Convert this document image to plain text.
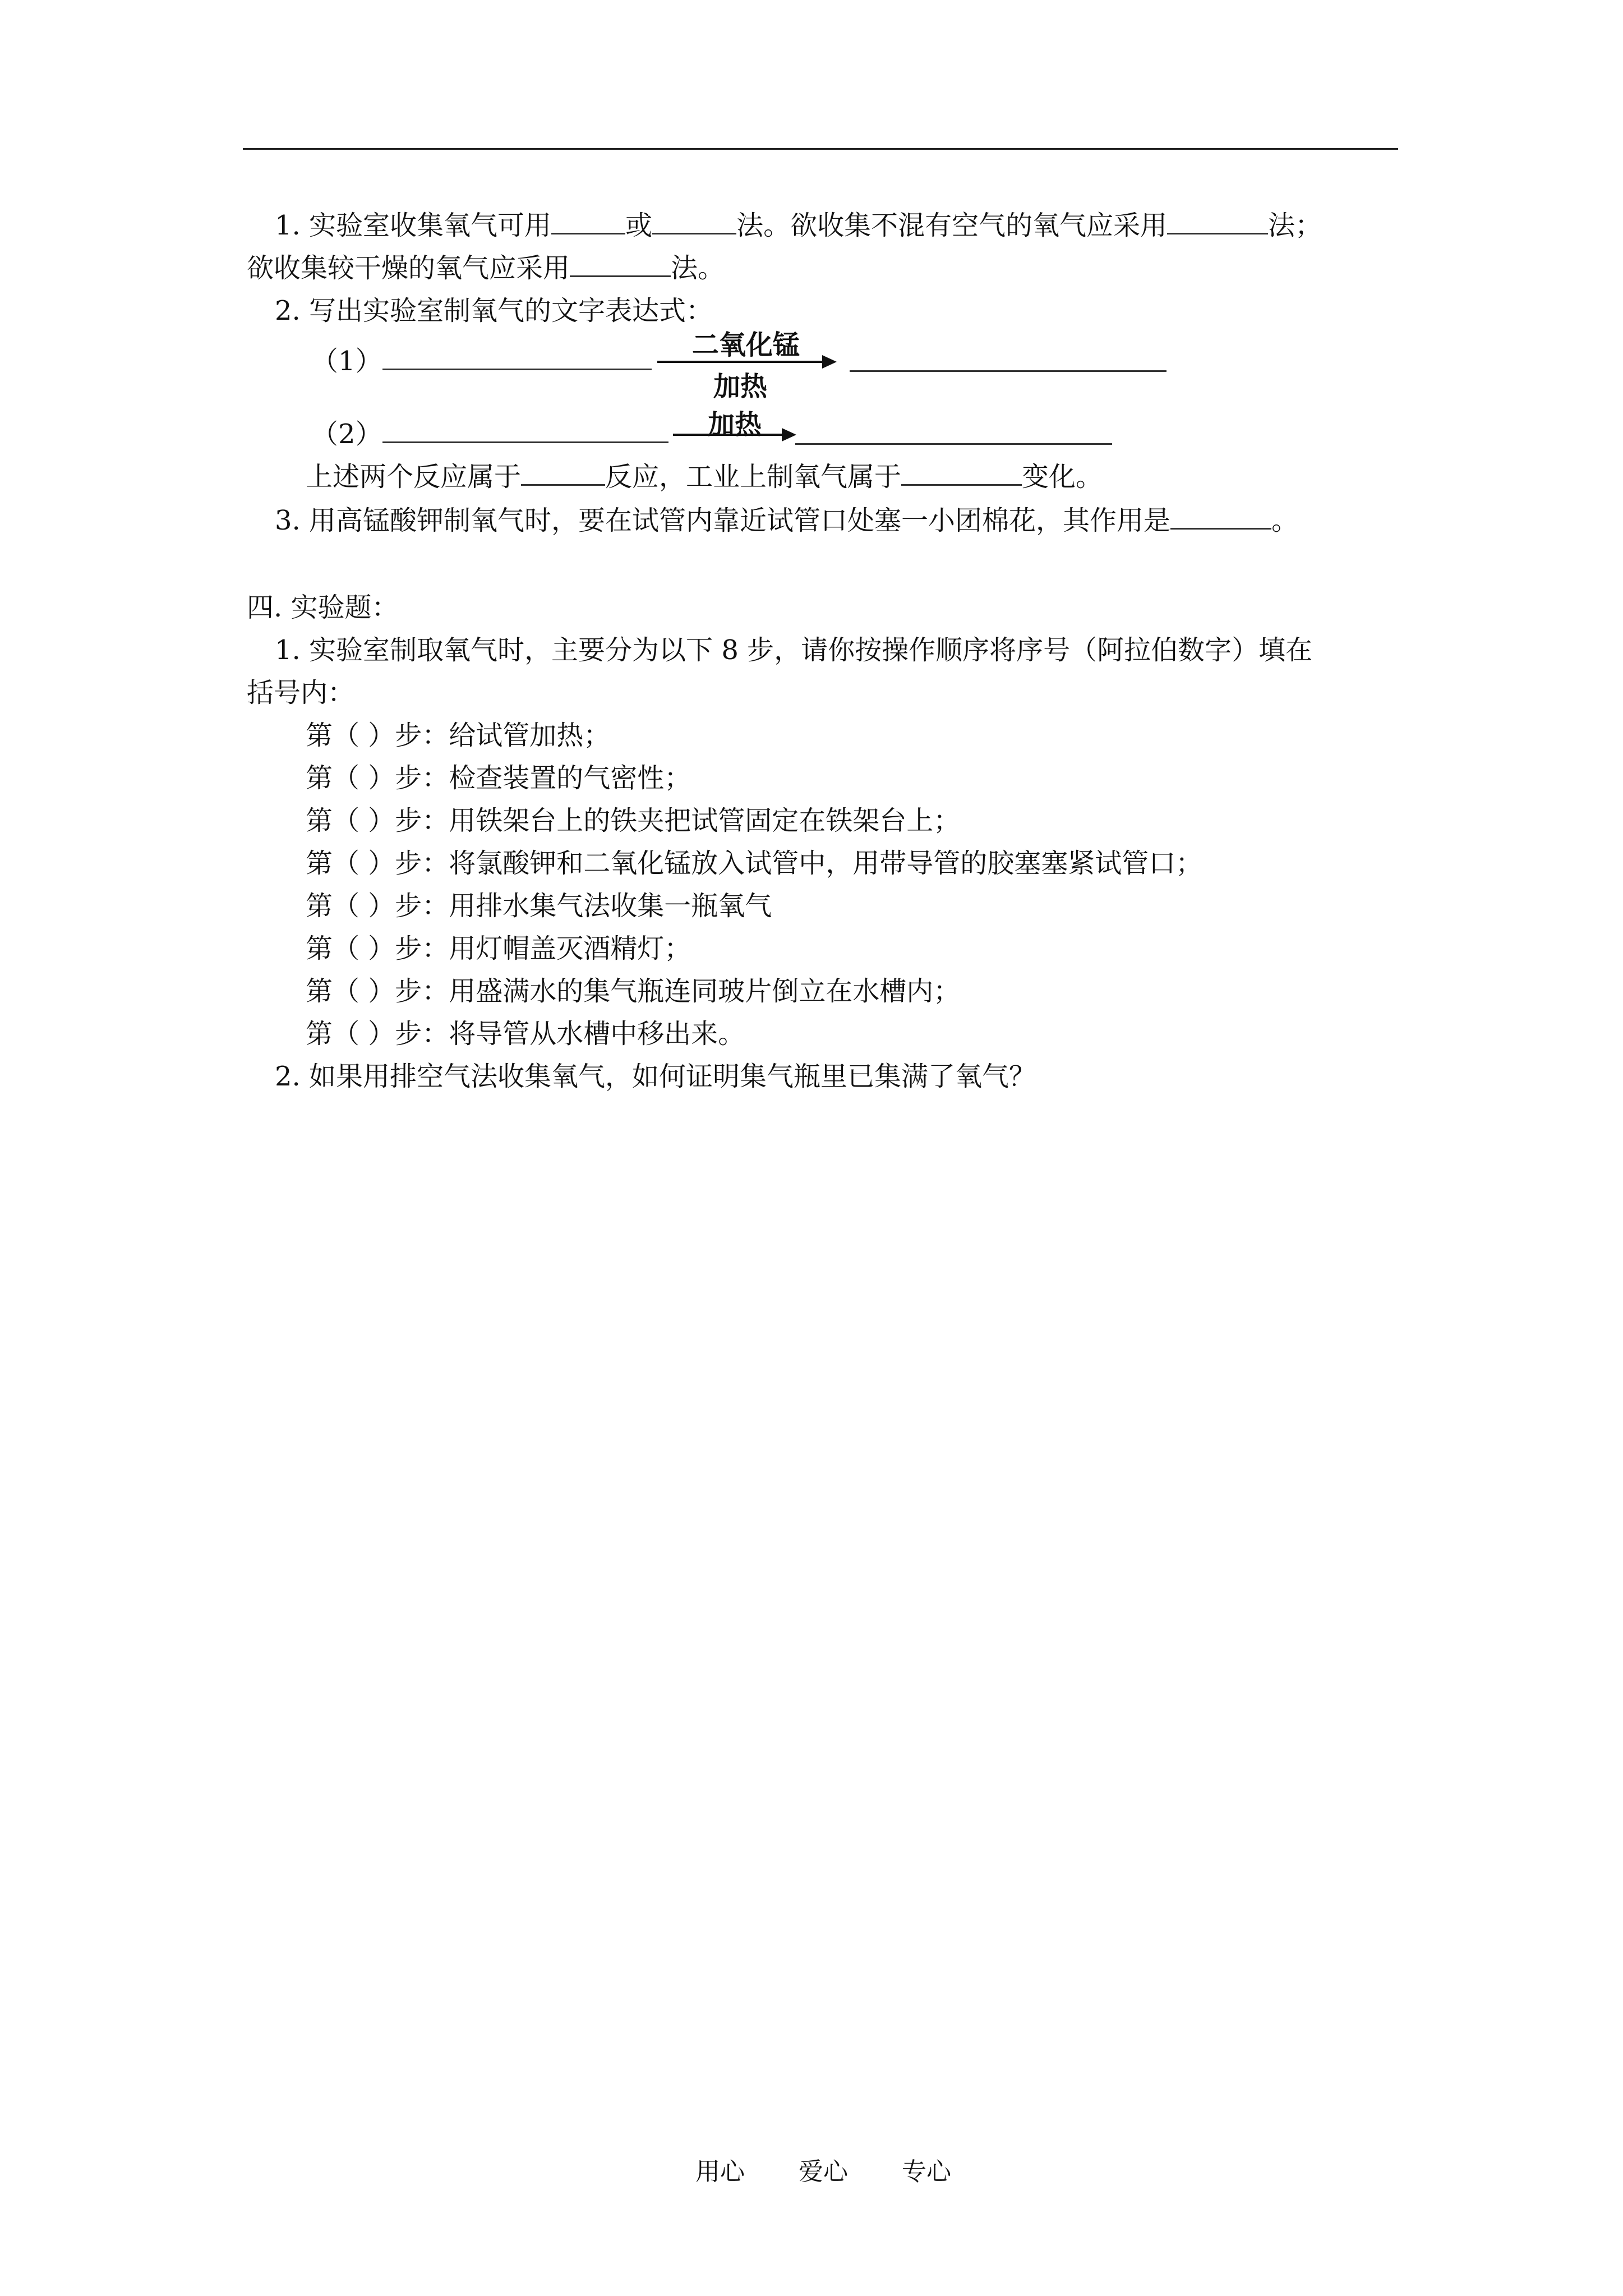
1. 实验室收集氧气可用	或	法。欲收集不混有空气的氧气应采用	法；
欲收集较干燥的氧气应采用	法。
2. 写出实验室制氧气的文字表达式：
（1）
二氧化锰
加热
（2）	加热
上述两个反应属于	反应，工业上制氧气属于	变化。
3. 用高锰酸钾制氧气时，要在试管内靠近试管口处塞一小团棉花，其作用是	。
四. 实验题：
1. 实验室制取氧气时，主要分为以下 8 步，请你按操作顺序将序号（阿拉伯数字）填在
括号内：
第（ ）步：给试管加热；
第（ ）步：检查装置的气密性；
第（ ）步：用铁架台上的铁夹把试管固定在铁架台上；
第（ ）步：将氯酸钾和二氧化锰放入试管中，用带导管的胶塞塞紧试管口；
第（ ）步：用排水集气法收集一瓶氧气
第（ ）步：用灯帽盖灭酒精灯；
第（ ）步：用盛满水的集气瓶连同玻片倒立在水槽内；
第（ ）步：将导管从水槽中移出来。
2. 如果用排空气法收集氧气，如何证明集气瓶里已集满了氧气？
用心 爱心 专心
